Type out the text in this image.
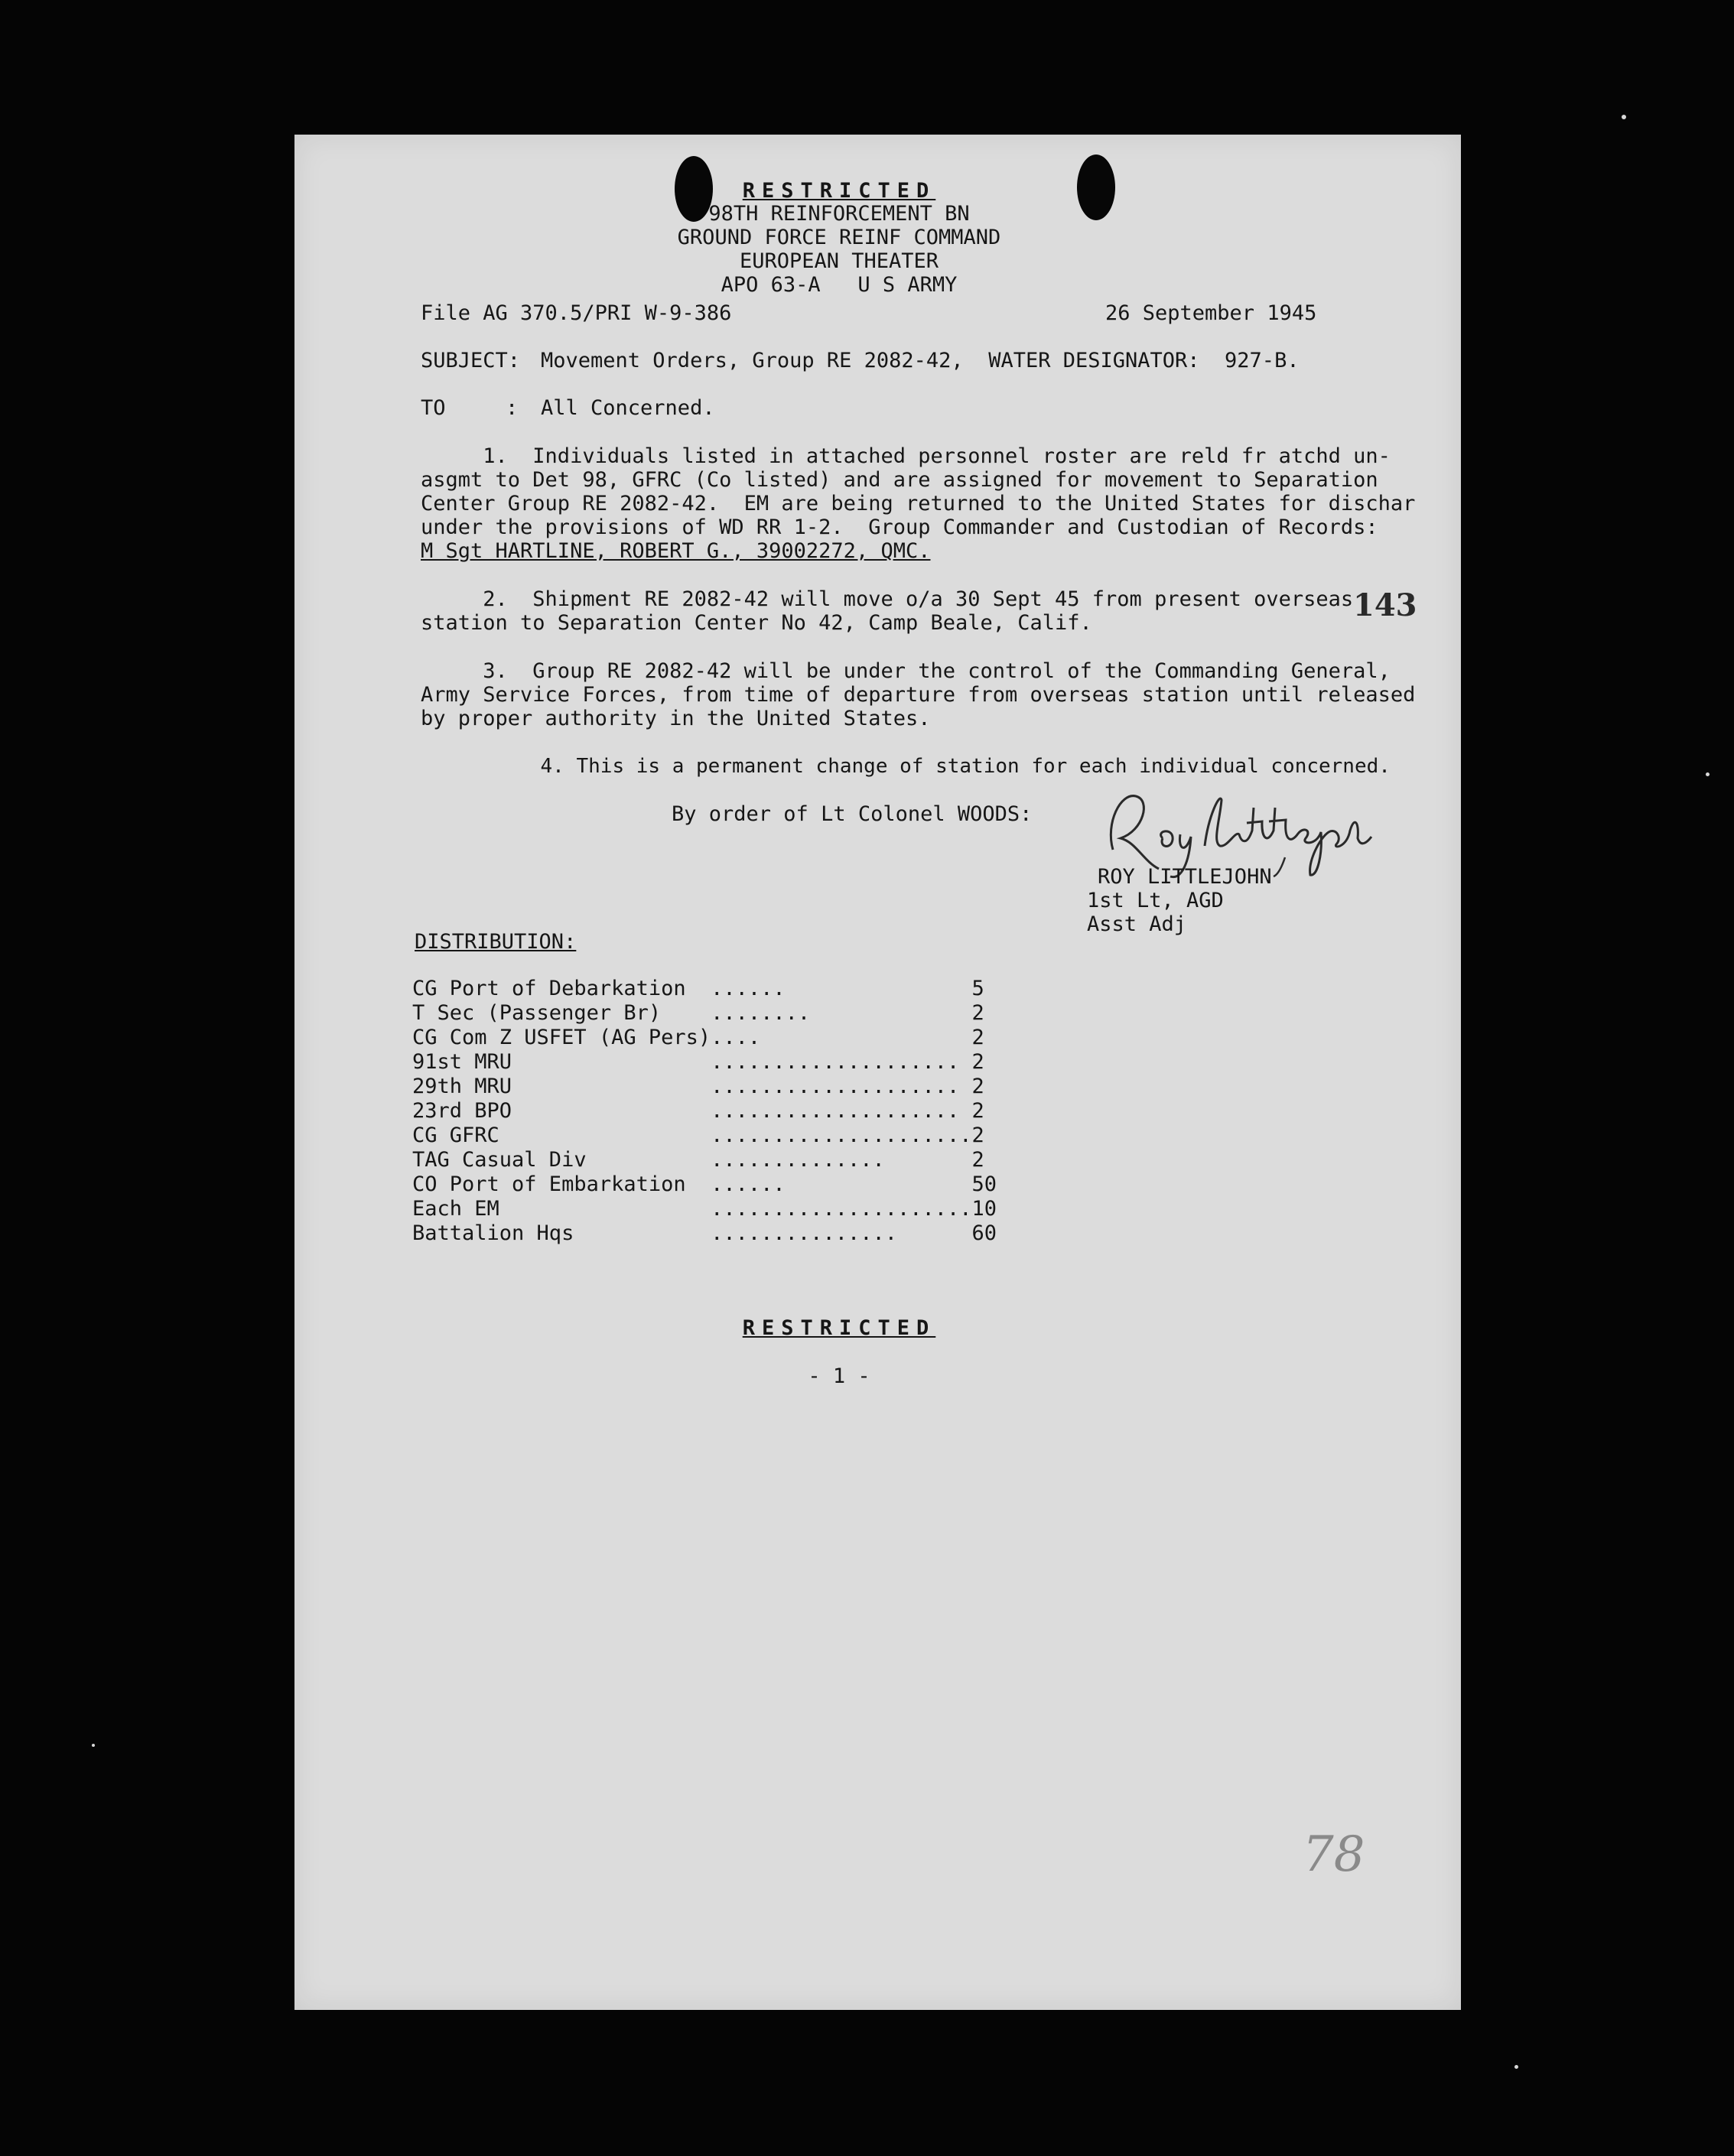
RESTRICTED
98TH REINFORCEMENT BN
GROUND FORCE REINF COMMAND
EUROPEAN THEATER
APO 63-A   U S ARMY
File AG 370.5/PRI W-9-386	26 September 1945
SUBJECT: Movement Orders, Group RE 2082-42,  WATER DESIGNATOR:  927-B.
TO	: All Concerned.
1.  Individuals listed in attached personnel roster are reld fr atchd un-
asgmt to Det 98, GFRC (Co listed) and are assigned for movement to Separation
Center Group RE 2082-42.  EM are being returned to the United States for dischar
under the provisions of WD RR 1-2.  Group Commander and Custodian of Records:
M Sgt HARTLINE, ROBERT G., 39002272, QMC.
2.  Shipment RE 2082-42 will move o/a 30 Sept 45 from present overseas
station to Separation Center No 42, Camp Beale, Calif.	143
3.  Group RE 2082-42 will be under the control of the Commanding General,
Army Service Forces, from time of departure from overseas station until released
by proper authority in the United States.
4. This is a permanent change of station for each individual concerned.
By order of Lt Colonel WOODS:
ROY LITTLEJOHN
1st Lt, AGD
Asst Adj
DISTRIBUTION:
CG Port of Debarkation	......	5
T Sec (Passenger Br)	........	2
CG Com Z USFET (AG Pers)	....	2
91st MRU	....................	2
29th MRU	....................	2
23rd BPO	....................	2
CG GFRC	.....................	2
TAG Casual Div	..............	2
CO Port of Embarkation	......	50
Each EM	.....................	10
Battalion Hqs	...............	60
RESTRICTED
- 1 -
78
